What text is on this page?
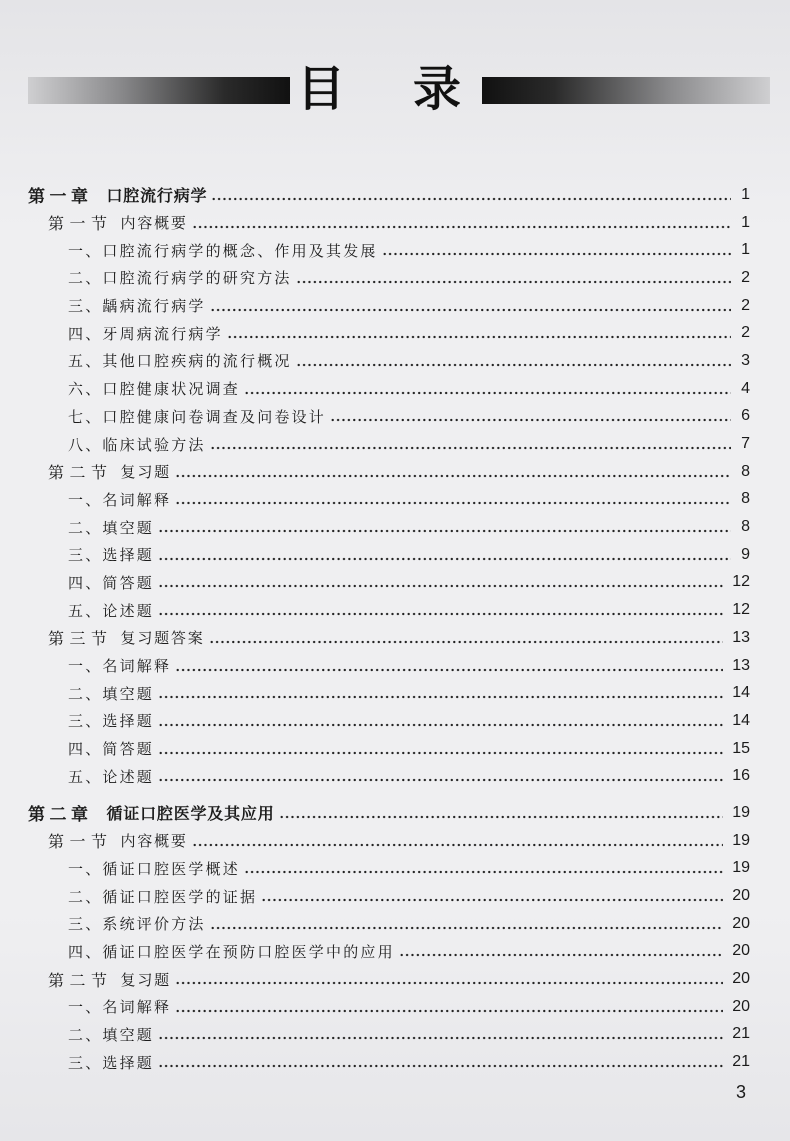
目 录
第一章 口腔流行病学	1
第一节 内容概要	1
一、口腔流行病学的概念、作用及其发展	1
二、口腔流行病学的研究方法	2
三、龋病流行病学	2
四、牙周病流行病学	2
五、其他口腔疾病的流行概况	3
六、口腔健康状况调查	4
七、口腔健康问卷调查及问卷设计	6
八、临床试验方法	7
第二节 复习题	8
一、名词解释	8
二、填空题	8
三、选择题	9
四、简答题	12
五、论述题	12
第三节 复习题答案	13
一、名词解释	13
二、填空题	14
三、选择题	14
四、简答题	15
五、论述题	16
第二章 循证口腔医学及其应用	19
第一节 内容概要	19
一、循证口腔医学概述	19
二、循证口腔医学的证据	20
三、系统评价方法	20
四、循证口腔医学在预防口腔医学中的应用	20
第二节 复习题	20
一、名词解释	20
二、填空题	21
三、选择题	21
3
